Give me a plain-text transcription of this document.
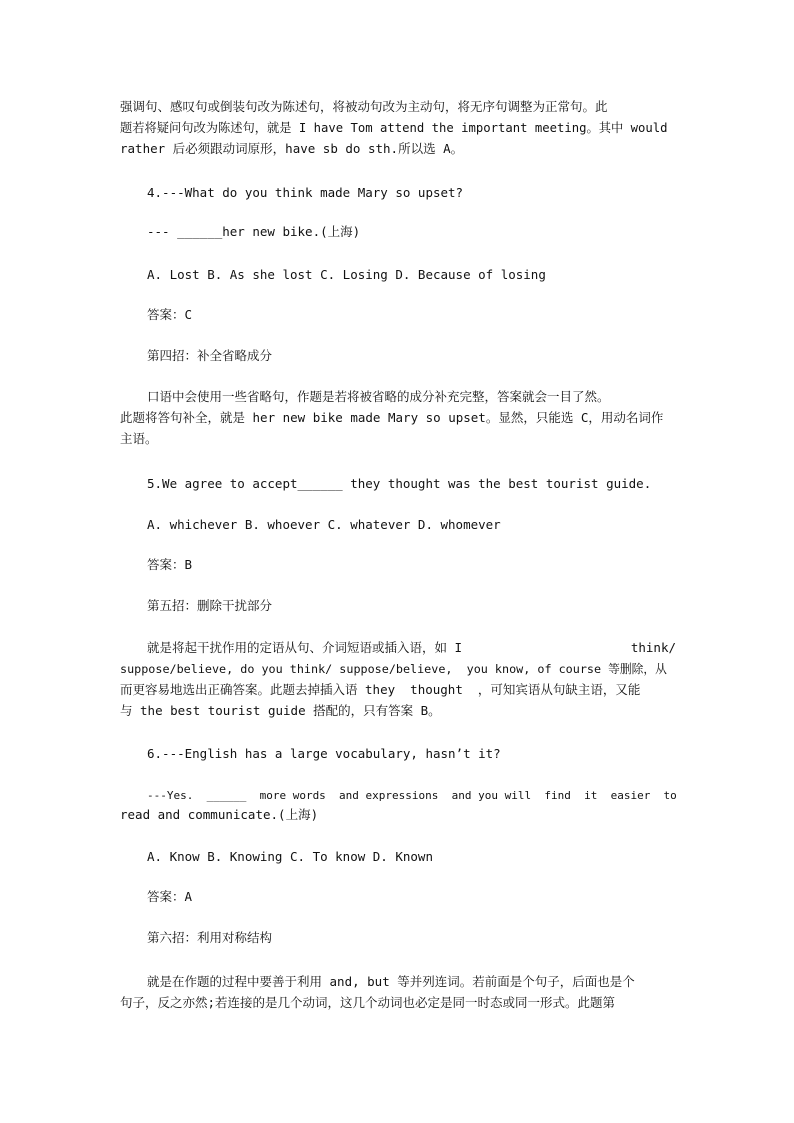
强调句、感叹句或倒装句改为陈述句，将被动句改为主动句，将无序句调整为正常句。此
题若将疑问句改为陈述句，就是 I have Tom attend the important meeting。其中 would
rather 后必须跟动词原形，have sb do sth.所以选 A。
4.---What do you think made Mary so upset?
--- ______her new bike.(上海)
A. Lost B. As she lost C. Losing D. Because of losing
答案：C
第四招：补全省略成分
口语中会使用一些省略句，作题是若将被省略的成分补充完整，答案就会一目了然。
此题将答句补全，就是 her new bike made Mary so upset。显然，只能选 C，用动名词作
主语。
5.We agree to accept______ they thought was the best tourist guide.
A. whichever B. whoever C. whatever D. whomever
答案：B
第五招：删除干扰部分
就是将起干扰作用的定语从句、介词短语或插入语，如 I	think/
suppose/believe, do you think/ suppose/believe,  you know, of course 等删除，从
而更容易地选出正确答案。此题去掉插入语 they  thought  ，可知宾语从句缺主语，又能
与 the best tourist guide 搭配的，只有答案 B。
6.---English has a large vocabulary, hasn’t it?
---Yes.  ______  more words  and expressions  and you will  find  it  easier  to
read and communicate.(上海)
A. Know B. Knowing C. To know D. Known
答案：A
第六招：利用对称结构
就是在作题的过程中要善于利用 and, but 等并列连词。若前面是个句子，后面也是个
句子，反之亦然;若连接的是几个动词，这几个动词也必定是同一时态或同一形式。此题第
